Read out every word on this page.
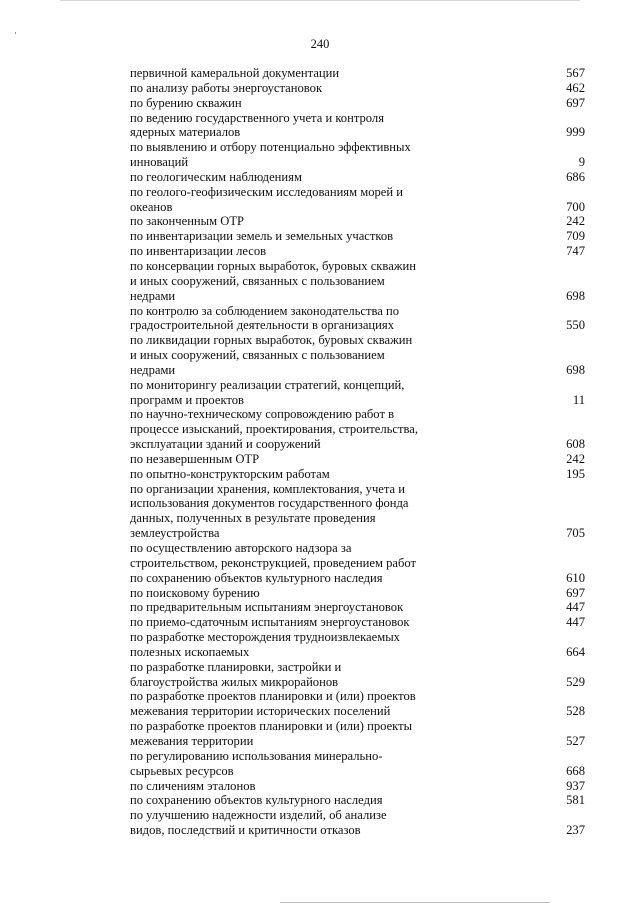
240
первичной камеральной документации	567
по анализу работы энергоустановок	462
по бурению скважин	697
по ведению государственного учета и контроля
ядерных материалов	999
по выявлению и отбору потенциально эффективных
инноваций	9
по геологическим наблюдениям	686
по геолого-геофизическим исследованиям морей и
океанов	700
по законченным ОТР	242
по инвентаризации земель и земельных участков	709
по инвентаризации лесов	747
по консервации горных выработок, буровых скважин
и иных сооружений, связанных с пользованием
недрами	698
по контролю за соблюдением законодательства по
градостроительной деятельности в организациях	550
по ликвидации горных выработок, буровых скважин
и иных сооружений, связанных с пользованием
недрами	698
по мониторингу реализации стратегий, концепций,
программ и проектов	11
по научно-техническому сопровождению работ в
процессе изысканий, проектирования, строительства,
эксплуатации зданий и сооружений	608
по незавершенным ОТР	242
по опытно-конструкторским работам	195
по организации хранения, комплектования, учета и
использования документов государственного фонда
данных, полученных в результате проведения
землеустройства	705
по осуществлению авторского надзора за
строительством, реконструкцией, проведением работ
по сохранению объектов культурного наследия	610
по поисковому бурению	697
по предварительным испытаниям энергоустановок	447
по приемо-сдаточным испытаниям энергоустановок	447
по разработке месторождения трудноизвлекаемых
полезных ископаемых	664
по разработке планировки, застройки и
благоустройства жилых микрорайонов	529
по разработке проектов планировки и (или) проектов
межевания территории исторических поселений	528
по разработке проектов планировки и (или) проекты
межевания территории	527
по регулированию использования минерально-
сырьевых ресурсов	668
по сличениям эталонов	937
по сохранению объектов культурного наследия	581
по улучшению надежности изделий, об анализе
видов, последствий и критичности отказов	237
